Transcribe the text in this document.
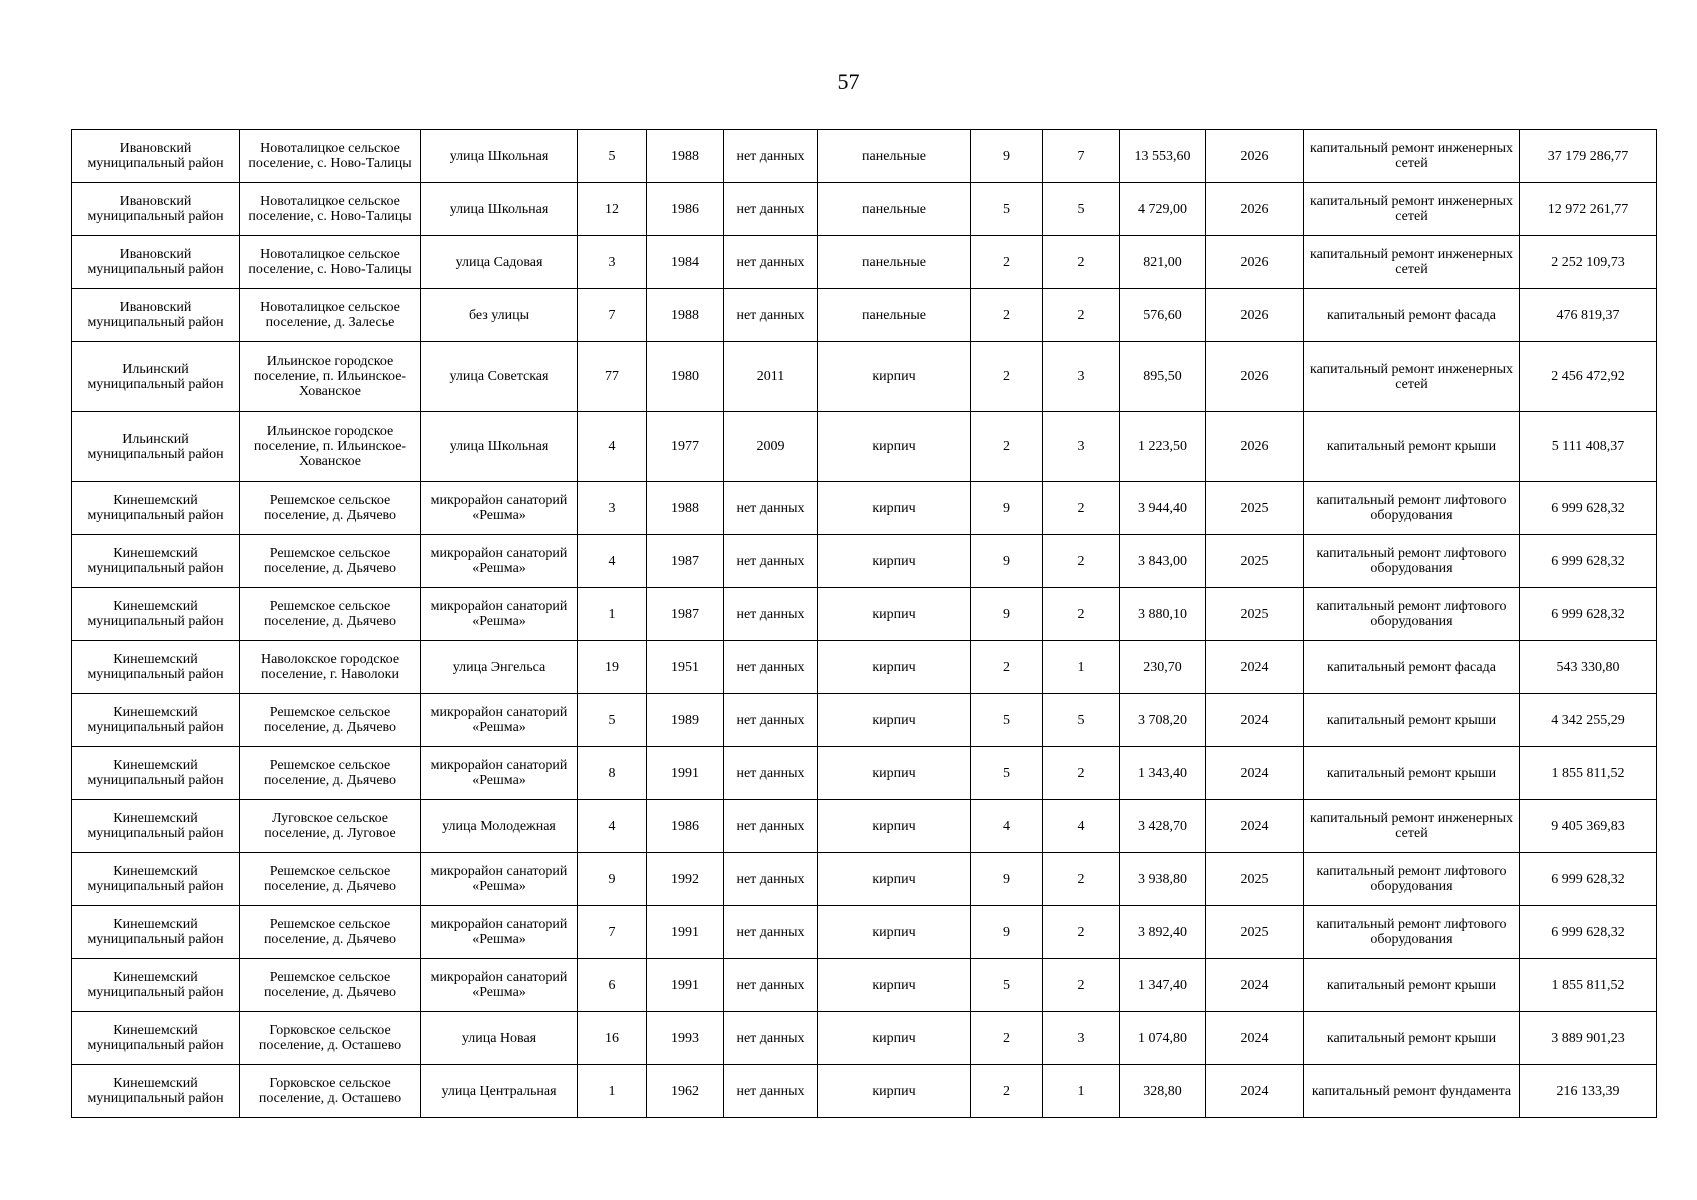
57
Ивановский муниципальный район	Новоталицкое сельское поселение, с. Ново-Талицы	улица Школьная	5	1988	нет данных	панельные	9	7	13 553,60	2026	капитальный ремонт инженерных сетей	37 179 286,77
Ивановский муниципальный район	Новоталицкое сельское поселение, с. Ново-Талицы	улица Школьная	12	1986	нет данных	панельные	5	5	4 729,00	2026	капитальный ремонт инженерных сетей	12 972 261,77
Ивановский муниципальный район	Новоталицкое сельское поселение, с. Ново-Талицы	улица Садовая	3	1984	нет данных	панельные	2	2	821,00	2026	капитальный ремонт инженерных сетей	2 252 109,73
Ивановский муниципальный район	Новоталицкое сельское поселение, д. Залесье	без улицы	7	1988	нет данных	панельные	2	2	576,60	2026	капитальный ремонт фасада	476 819,37
Ильинский муниципальный район	Ильинское городское поселение, п. Ильинское-Хованское	улица Советская	77	1980	2011	кирпич	2	3	895,50	2026	капитальный ремонт инженерных сетей	2 456 472,92
Ильинский муниципальный район	Ильинское городское поселение, п. Ильинское-Хованское	улица Школьная	4	1977	2009	кирпич	2	3	1 223,50	2026	капитальный ремонт крыши	5 111 408,37
Кинешемский муниципальный район	Решемское сельское поселение, д. Дьячево	микрорайон санаторий «Решма»	3	1988	нет данных	кирпич	9	2	3 944,40	2025	капитальный ремонт лифтового оборудования	6 999 628,32
Кинешемский муниципальный район	Решемское сельское поселение, д. Дьячево	микрорайон санаторий «Решма»	4	1987	нет данных	кирпич	9	2	3 843,00	2025	капитальный ремонт лифтового оборудования	6 999 628,32
Кинешемский муниципальный район	Решемское сельское поселение, д. Дьячево	микрорайон санаторий «Решма»	1	1987	нет данных	кирпич	9	2	3 880,10	2025	капитальный ремонт лифтового оборудования	6 999 628,32
Кинешемский муниципальный район	Наволокское городское поселение, г. Наволоки	улица Энгельса	19	1951	нет данных	кирпич	2	1	230,70	2024	капитальный ремонт фасада	543 330,80
Кинешемский муниципальный район	Решемское сельское поселение, д. Дьячево	микрорайон санаторий «Решма»	5	1989	нет данных	кирпич	5	5	3 708,20	2024	капитальный ремонт крыши	4 342 255,29
Кинешемский муниципальный район	Решемское сельское поселение, д. Дьячево	микрорайон санаторий «Решма»	8	1991	нет данных	кирпич	5	2	1 343,40	2024	капитальный ремонт крыши	1 855 811,52
Кинешемский муниципальный район	Луговское сельское поселение, д. Луговое	улица Молодежная	4	1986	нет данных	кирпич	4	4	3 428,70	2024	капитальный ремонт инженерных сетей	9 405 369,83
Кинешемский муниципальный район	Решемское сельское поселение, д. Дьячево	микрорайон санаторий «Решма»	9	1992	нет данных	кирпич	9	2	3 938,80	2025	капитальный ремонт лифтового оборудования	6 999 628,32
Кинешемский муниципальный район	Решемское сельское поселение, д. Дьячево	микрорайон санаторий «Решма»	7	1991	нет данных	кирпич	9	2	3 892,40	2025	капитальный ремонт лифтового оборудования	6 999 628,32
Кинешемский муниципальный район	Решемское сельское поселение, д. Дьячево	микрорайон санаторий «Решма»	6	1991	нет данных	кирпич	5	2	1 347,40	2024	капитальный ремонт крыши	1 855 811,52
Кинешемский муниципальный район	Горковское сельское поселение, д. Осташево	улица Новая	16	1993	нет данных	кирпич	2	3	1 074,80	2024	капитальный ремонт крыши	3 889 901,23
Кинешемский муниципальный район	Горковское сельское поселение, д. Осташево	улица Центральная	1	1962	нет данных	кирпич	2	1	328,80	2024	капитальный ремонт фундамента	216 133,39
